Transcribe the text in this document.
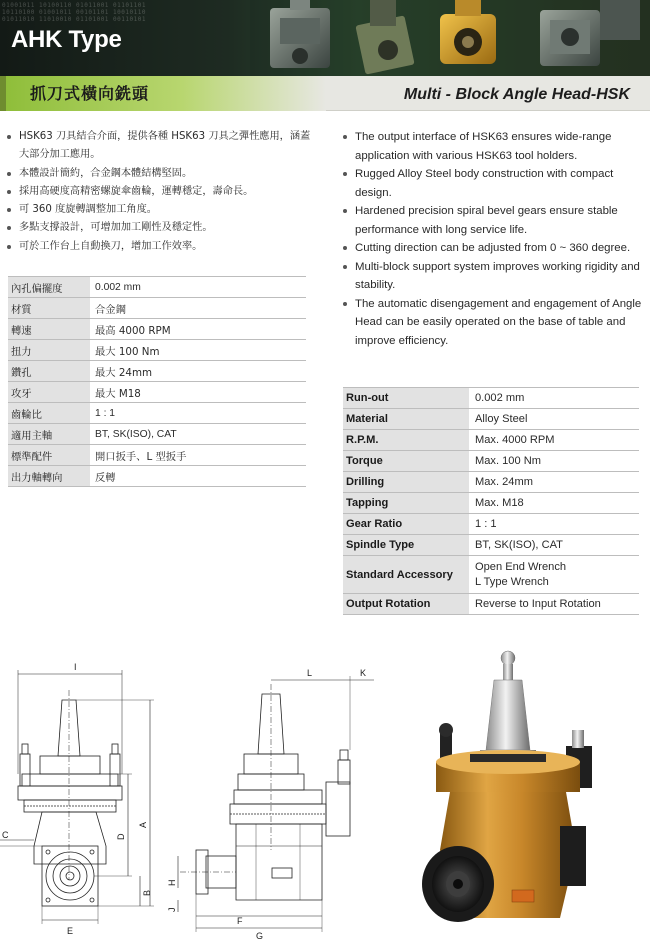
01001011 10100110 01011001 01101101
10110100 01001011 00101101 10010110
01011010 11010010 01101001 00110101
AHK Type
抓刀式橫向銑頭	Multi - Block Angle Head-HSK
HSK63 刀具結合介面，提供各種 HSK63 刀具之彈性應用，涵蓋大部分加工應用。
本體設計簡約，合金鋼本體結構堅固。
採用高硬度高精密螺旋傘齒輪，運轉穩定，壽命長。
可 360 度旋轉調整加工角度。
多點支撐設計，可增加加工剛性及穩定性。
可於工作台上自動換刀，增加工作效率。
The output interface of HSK63 ensures wide-range application with various HSK63 tool holders.
Rugged Alloy Steel body construction with compact design.
Hardened precision spiral bevel gears ensure stable performance with long service life.
Cutting direction can be adjusted from 0 ~ 360 degree.
Multi-block support system improves working rigidity and stability.
The automatic disengagement and engagement of Angle Head can be easily operated on the base of table and improve efficiency.
內孔偏擺度	0.002 mm
材質	合金鋼
轉速	最高 4000 RPM
扭力	最大 100 Nm
鑽孔	最大 24mm
攻牙	最大 M18
齒輪比	1 : 1
適用主軸	BT, SK(ISO), CAT
標準配件	開口扳手、L 型扳手
出力軸轉向	反轉
Run-out	0.002 mm
Material	Alloy Steel
R.P.M.	Max. 4000 RPM
Torque	Max. 100 Nm
Drilling	Max. 24mm
Tapping	Max. M18
Gear Ratio	1 : 1
Spindle Type	BT, SK(ISO), CAT
Standard Accessory	Open End Wrench
L Type Wrench

Output Rotation	Reverse to Input Rotation
I
A
D
C
B
E
L	K
H
J
F
G
